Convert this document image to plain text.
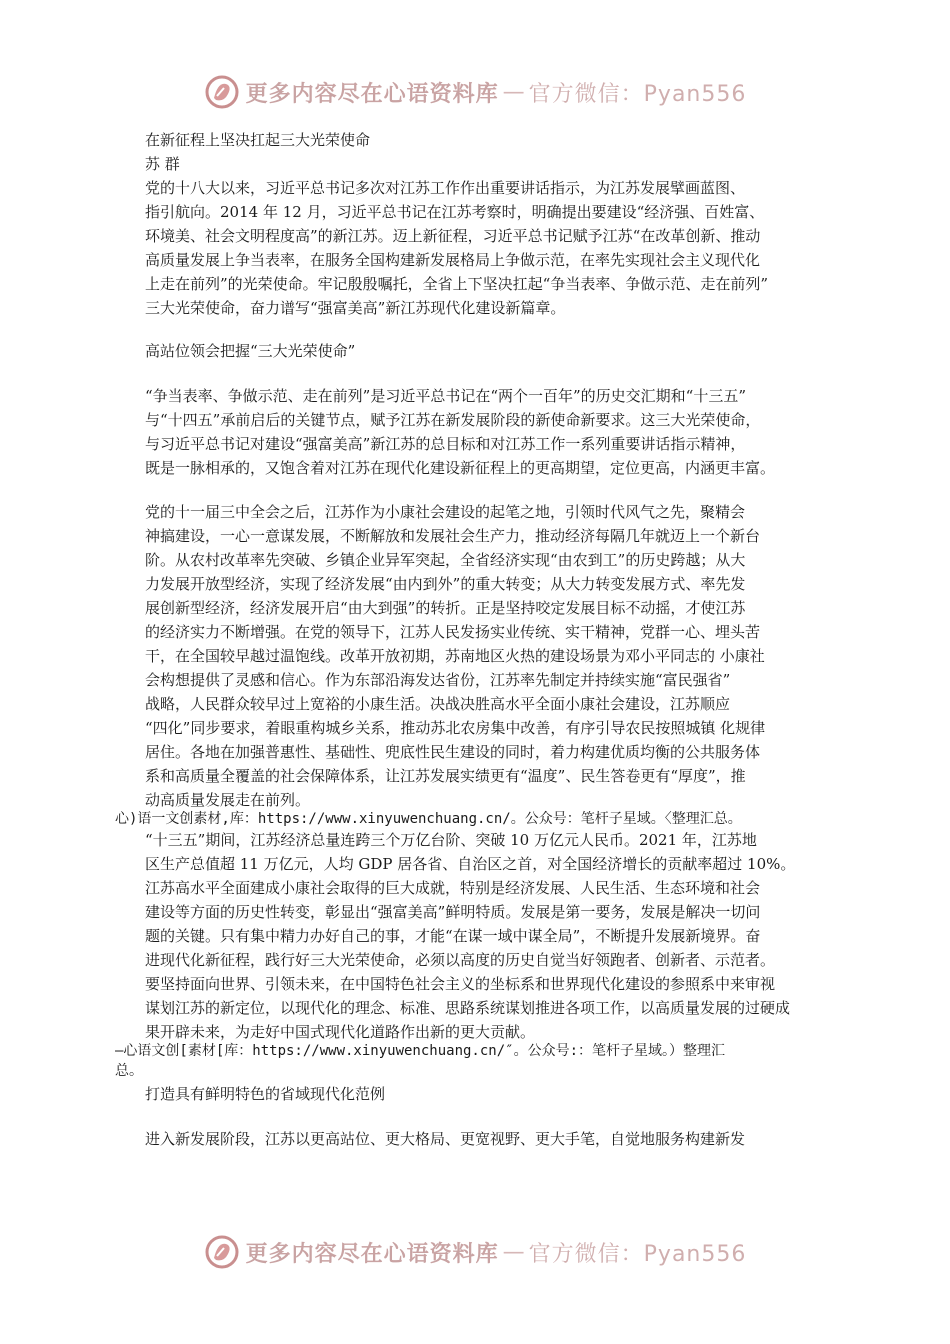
更多内容尽在心语资料库 — 官方微信：Pyan556
在新征程上坚决扛起三大光荣使命
苏 群
党的十八大以来，习近平总书记多次对江苏工作作出重要讲话指示，为江苏发展擘画蓝图、
指引航向。2014 年 12 月，习近平总书记在江苏考察时，明确提出要建设“经济强、百姓富、
环境美、社会文明程度高”的新江苏。迈上新征程，习近平总书记赋予江苏“在改革创新、推动
高质量发展上争当表率，在服务全国构建新发展格局上争做示范，在率先实现社会主义现代化
上走在前列”的光荣使命。牢记殷殷嘱托，全省上下坚决扛起“争当表率、争做示范、走在前列”
三大光荣使命，奋力谱写“强富美高”新江苏现代化建设新篇章。
高站位领会把握“三大光荣使命”
“争当表率、争做示范、走在前列”是习近平总书记在“两个一百年”的历史交汇期和“十三五”
与“十四五”承前启后的关键节点，赋予江苏在新发展阶段的新使命新要求。这三大光荣使命，
与习近平总书记对建设“强富美高”新江苏的总目标和对江苏工作一系列重要讲话指示精神，
既是一脉相承的，又饱含着对江苏在现代化建设新征程上的更高期望，定位更高，内涵更丰富。
党的十一届三中全会之后，江苏作为小康社会建设的起笔之地，引领时代风气之先，聚精会
神搞建设，一心一意谋发展，不断解放和发展社会生产力，推动经济每隔几年就迈上一个新台
阶。从农村改革率先突破、乡镇企业异军突起，全省经济实现“由农到工”的历史跨越；从大
力发展开放型经济，实现了经济发展“由内到外”的重大转变；从大力转变发展方式、率先发
展创新型经济，经济发展开启“由大到强”的转折。正是坚持咬定发展目标不动摇，才使江苏
的经济实力不断增强。在党的领导下，江苏人民发扬实业传统、实干精神，党群一心、埋头苦
干，在全国较早越过温饱线。改革开放初期，苏南地区火热的建设场景为邓小平同志的 小康社
会构想提供了灵感和信心。作为东部沿海发达省份，江苏率先制定并持续实施“富民强省”
战略，人民群众较早过上宽裕的小康生活。决战决胜高水平全面小康社会建设，江苏顺应
“四化”同步要求，着眼重构城乡关系，推动苏北农房集中改善，有序引导农民按照城镇 化规律
居住。各地在加强普惠性、基础性、兜底性民生建设的同时，着力构建优质均衡的公共服务体
系和高质量全覆盖的社会保障体系，让江苏发展实绩更有“温度”、民生答卷更有“厚度”，推
动高质量发展走在前列。
心)语一文创素材,库：https://www.xinyuwenchuang.cn/。公众号：笔杆子星域。〈整理汇总。
“十三五”期间，江苏经济总量连跨三个万亿台阶、突破 10 万亿元人民币。2021 年，江苏地
区生产总值超 11 万亿元，人均 GDP 居各省、自治区之首，对全国经济增长的贡献率超过 10%。
江苏高水平全面建成小康社会取得的巨大成就，特别是经济发展、人民生活、生态环境和社会
建设等方面的历史性转变，彰显出“强富美高”鲜明特质。发展是第一要务，发展是解决一切问
题的关键。只有集中精力办好自己的事，才能“在谋一域中谋全局”，不断提升发展新境界。奋
进现代化新征程，践行好三大光荣使命，必须以高度的历史自觉当好领跑者、创新者、示范者。
要坚持面向世界、引领未来，在中国特色社会主义的坐标系和世界现代化建设的参照系中来审视
谋划江苏的新定位，以现代化的理念、标准、思路系统谋划推进各项工作，以高质量发展的过硬成
果开辟未来，为走好中国式现代化道路作出新的更大贡献。
—心语文创[素材[库：https://www.xinyuwenchuang.cn/″。公众号:：笔杆子星域。）整理汇
总。
打造具有鲜明特色的省域现代化范例
进入新发展阶段，江苏以更高站位、更大格局、更宽视野、更大手笔，自觉地服务构建新发
更多内容尽在心语资料库 — 官方微信：Pyan556
